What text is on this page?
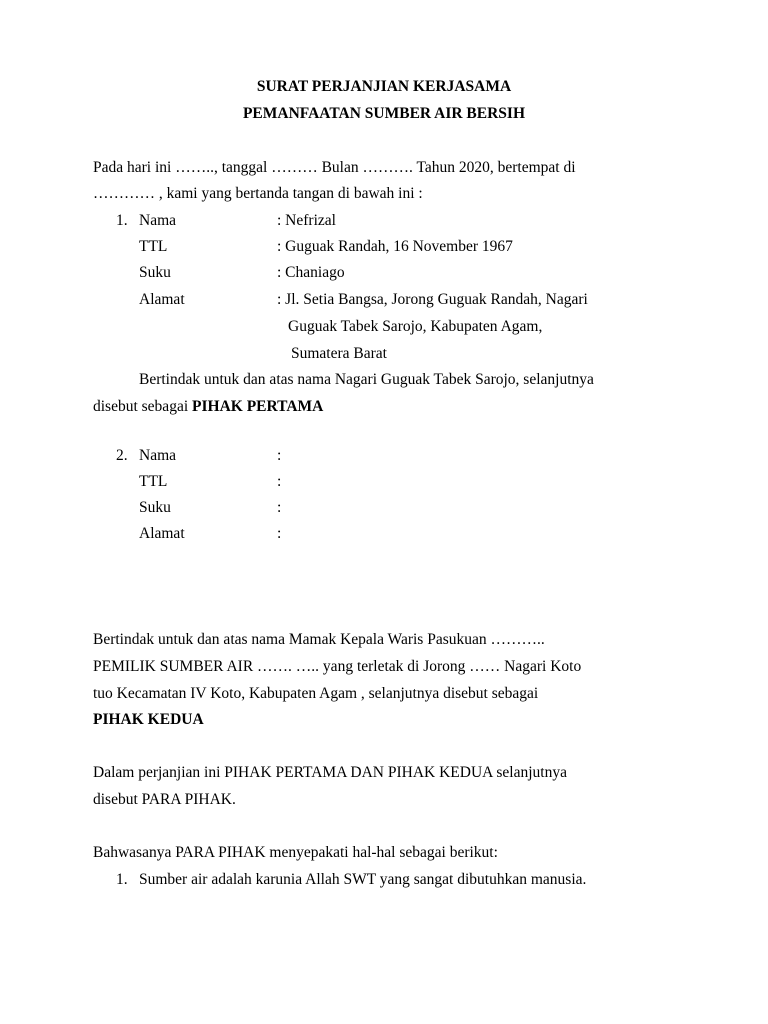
SURAT PERJANJIAN KERJASAMA
PEMANFAATAN SUMBER AIR BERSIH
Pada hari ini …….., tanggal ……… Bulan ………. Tahun 2020, bertempat di
………… , kami yang bertanda tangan di bawah ini :
1. Nama	: Nefrizal
TTL	: Guguak Randah, 16 November 1967
Suku	: Chaniago
Alamat	: Jl. Setia Bangsa, Jorong Guguak Randah, Nagari
Guguak Tabek Sarojo, Kabupaten Agam,
Sumatera Barat
Bertindak untuk dan atas nama Nagari Guguak Tabek Sarojo, selanjutnya
disebut sebagai PIHAK PERTAMA
2. Nama	:
TTL	:
Suku	:
Alamat	:
Bertindak untuk dan atas nama Mamak Kepala Waris Pasukuan ………..
PEMILIK SUMBER AIR ……. ….. yang terletak di Jorong …… Nagari Koto
tuo Kecamatan IV Koto, Kabupaten Agam , selanjutnya disebut sebagai
PIHAK KEDUA
Dalam perjanjian ini PIHAK PERTAMA DAN PIHAK KEDUA selanjutnya
disebut PARA PIHAK.
Bahwasanya PARA PIHAK menyepakati hal-hal sebagai berikut:
1. Sumber air adalah karunia Allah SWT yang sangat dibutuhkan manusia.
